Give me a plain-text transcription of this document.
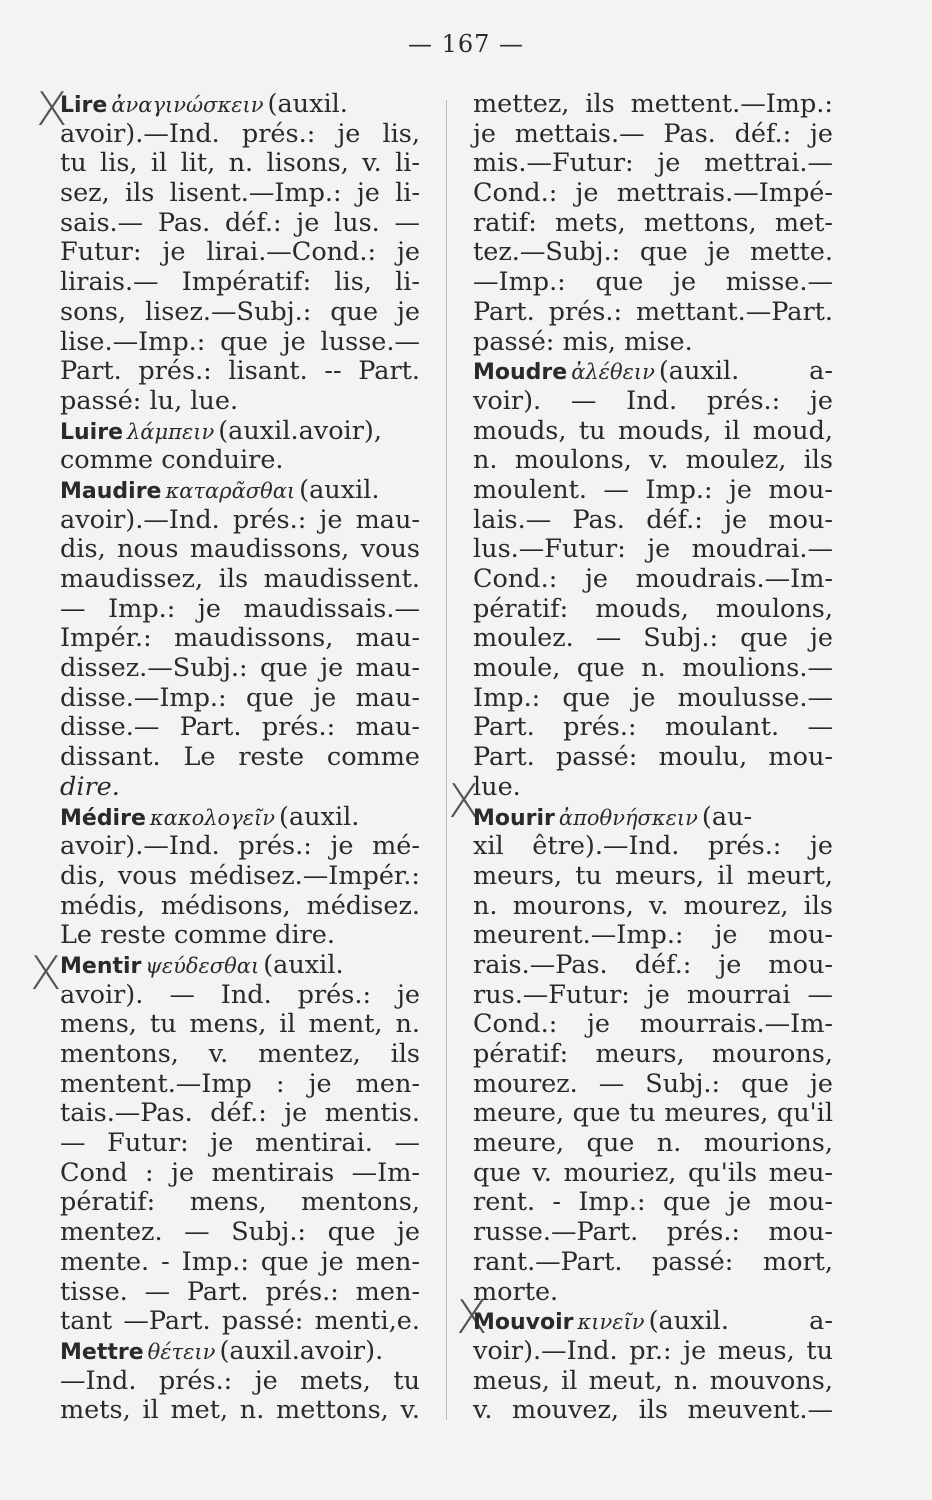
— 167 —
X
X
X
X
Lire ἀναγινώσκειν (auxil.
avoir).—Ind. prés.: je lis,
tu lis, il lit, n. lisons, v. li-
sez, ils lisent.—Imp.: je li-
sais.— Pas. déf.: je lus. —
Futur: je lirai.—Cond.: je
lirais.— Impératif: lis, li-
sons, lisez.—Subj.: que je
lise.—Imp.: que je lusse.—
Part. prés.: lisant. -- Part.
passé: lu, lue.
Luire λάμπειν (auxil.avoir),
comme conduire.
Maudire καταρᾶσθαι (auxil.
avoir).—Ind. prés.: je mau-
dis, nous maudissons, vous
maudissez, ils maudissent.
— Imp.: je maudissais.—
Impér.: maudissons, mau-
dissez.—Subj.: que je mau-
disse.—Imp.: que je mau-
disse.— Part. prés.: mau-
dissant. Le reste comme
dire.
Médire κακολογεῖν (auxil.
avoir).—Ind. prés.: je mé-
dis, vous médisez.—Impér.:
médis, médisons, médisez.
Le reste comme dire.
Mentir ψεύδεσθαι (auxil.
avoir). — Ind. prés.: je
mens, tu mens, il ment, n.
mentons, v. mentez, ils
mentent.—Imp : je men-
tais.—Pas. déf.: je mentis.
— Futur: je mentirai. —
Cond : je mentirais —Im-
pératif: mens, mentons,
mentez. — Subj.: que je
mente. - Imp.: que je men-
tisse. — Part. prés.: men-
tant —Part. passé: menti,e.
Mettre θέτειν (auxil.avoir).
—Ind. prés.: je mets, tu
mets, il met, n. mettons, v.
mettez, ils mettent.—Imp.:
je mettais.— Pas. déf.: je
mis.—Futur: je mettrai.—
Cond.: je mettrais.—Impé-
ratif: mets, mettons, met-
tez.—Subj.: que je mette.
—Imp.: que je misse.—
Part. prés.: mettant.—Part.
passé: mis, mise.
Moudre ἀλέθειν (auxil. a-
voir). — Ind. prés.: je
mouds, tu mouds, il moud,
n. moulons, v. moulez, ils
moulent. — Imp.: je mou-
lais.— Pas. déf.: je mou-
lus.—Futur: je moudrai.—
Cond.: je moudrais.—Im-
pératif: mouds, moulons,
moulez. — Subj.: que je
moule, que n. moulions.—
Imp.: que je moulusse.—
Part. prés.: moulant. —
Part. passé: moulu, mou-
lue.
Mourir ἀποθνήσκειν (au-
xil être).—Ind. prés.: je
meurs, tu meurs, il meurt,
n. mourons, v. mourez, ils
meurent.—Imp.: je mou-
rais.—Pas. déf.: je mou-
rus.—Futur: je mourrai —
Cond.: je mourrais.—Im-
pératif: meurs, mourons,
mourez. — Subj.: que je
meure, que tu meures, qu'il
meure, que n. mourions,
que v. mouriez, qu'ils meu-
rent. - Imp.: que je mou-
russe.—Part. prés.: mou-
rant.—Part. passé: mort,
morte.
Mouvoir κινεῖν (auxil. a-
voir).—Ind. pr.: je meus, tu
meus, il meut, n. mouvons,
v. mouvez, ils meuvent.—
